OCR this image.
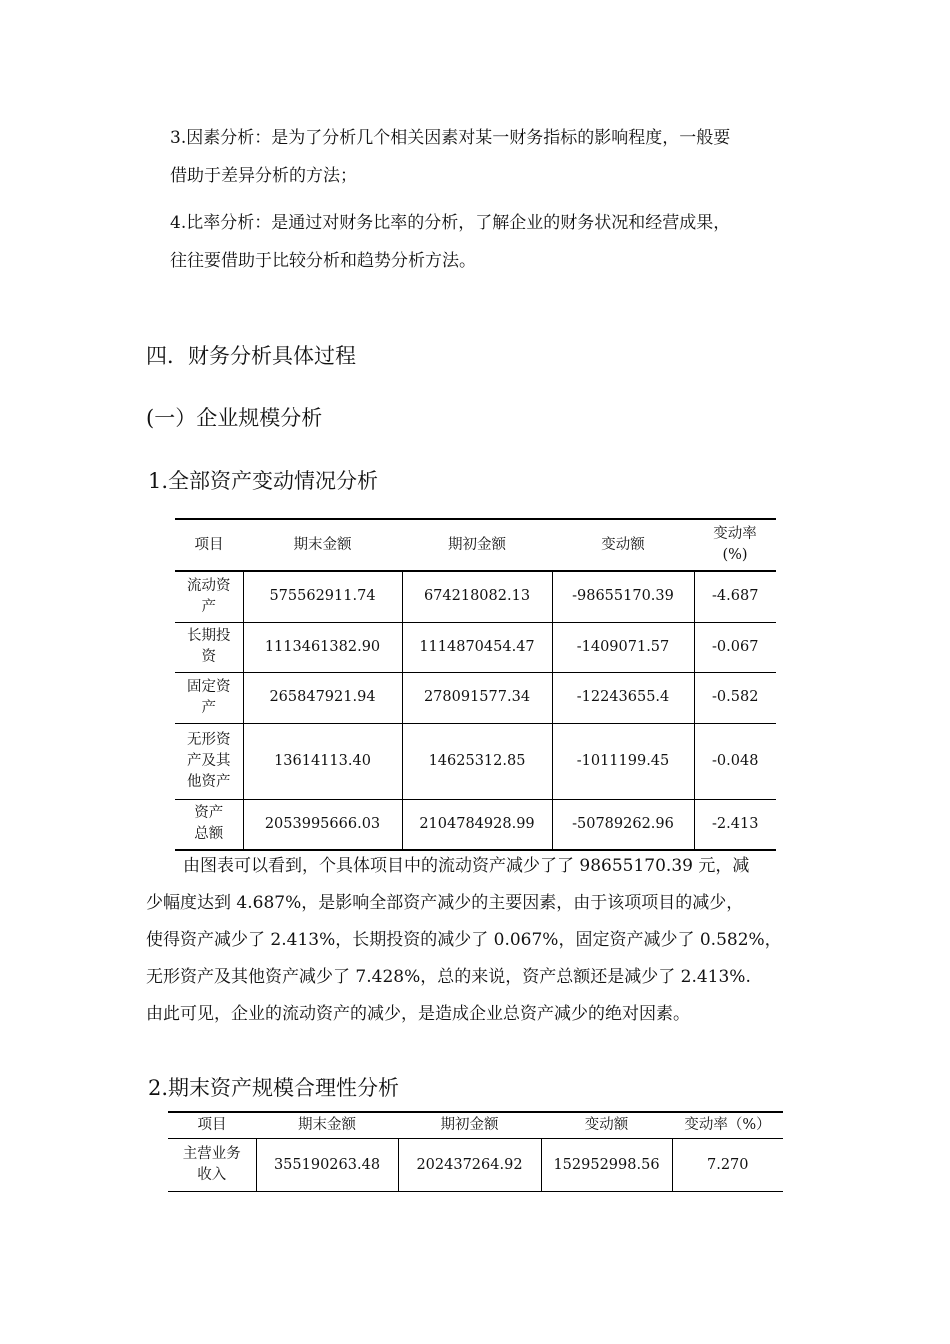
3.因素分析：是为了分析几个相关因素对某一财务指标的影响程度，一般要
借助于差异分析的方法；
4.比率分析：是通过对财务比率的分析，了解企业的财务状况和经营成果，
往往要借助于比较分析和趋势分析方法。
四．财务分析具体过程
(一）企业规模分析
1.全部资产变动情况分析
项目	期末金额	期初金额	变动额	变动率
(%)
流动资
产	575562911.74	674218082.13	-98655170.39	-4.687
长期投
资	1113461382.90	1114870454.47	-1409071.57	-0.067
固定资
产	265847921.94	278091577.34	-12243655.4	-0.582
无形资
产及其
他资产	13614113.40	14625312.85	-1011199.45	-0.048
资产
总额	2053995666.03	2104784928.99	-50789262.96	-2.413
由图表可以看到，个具体项目中的流动资产减少了了 98655170.39 元，减
少幅度达到 4.687%，是影响全部资产减少的主要因素，由于该项项目的减少，
使得资产减少了 2.413%，长期投资的减少了 0.067%，固定资产减少了 0.582%，
无形资产及其他资产减少了 7.428%，总的来说，资产总额还是减少了 2.413%.
由此可见，企业的流动资产的减少，是造成企业总资产减少的绝对因素。
2.期末资产规模合理性分析
项目	期末金额	期初金额	变动额	变动率（%）
主营业务
收入	355190263.48	202437264.92	152952998.56	7.270
